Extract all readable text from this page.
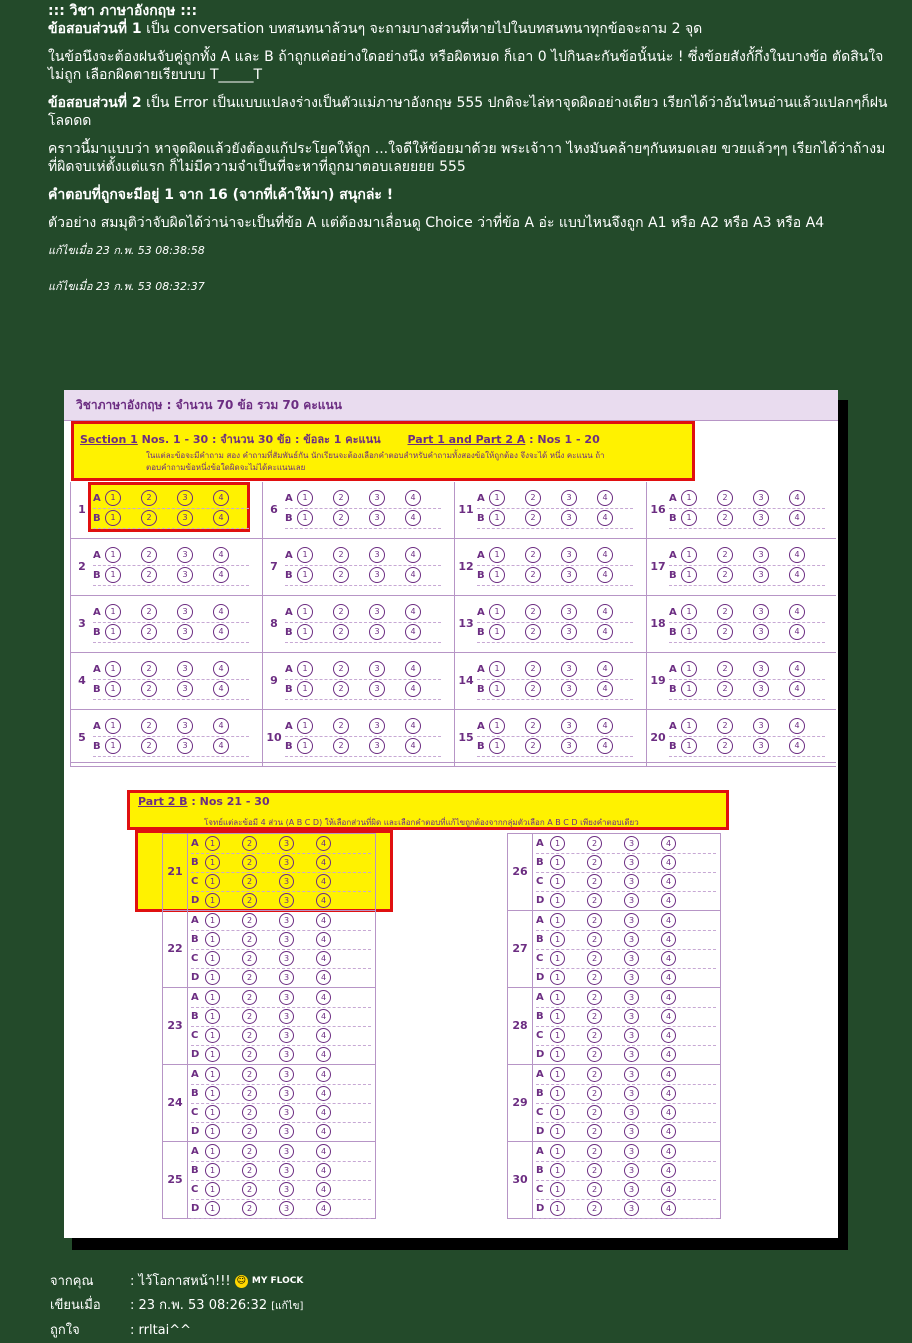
::: วิชา ภาษาอังกฤษ :::

ข้อสอบส่วนที่ 1 เป็น conversation บทสนทนาล้วนๆ จะถามบางส่วนที่หายไปในบทสนทนาทุกข้อจะถาม 2 จุด

ในข้อนึงจะต้องฝนจับคู่ถูกทั้ง A และ B ถ้าถูกแค่อย่างใดอย่างนึง หรือผิดหมด ก็เอา 0 ไปกินละกันข้อนั้นน่ะ ! ซึ่งข้อยสังกั้กึ่งในบางข้อ ตัดสินใจไม่ถูก เลือกผิดตายเรียบบบ T_____T

ข้อสอบส่วนที่ 2 เป็น Error เป็นแบบแปลงร่างเป็นตัวแม่ภาษาอังกฤษ 555 ปกติจะไล่หาจุดผิดอย่างเดียว เรียกได้ว่าอันไหนอ่านแล้วแปลกๆก็ฝนโลดดด

คราวนี้มาแบบว่า หาจุดผิดแล้วยังต้องแก้ประโยคให้ถูก ...ใจดีให้ข้อยมาด้วย พระเจ้าาา ไหงมันคล้ายๆกันหมดเลย ขวยแล้วๆๆ เรียกได้ว่าถ้างมที่ผิดจบเห่ตั้งแต่แรก ก็ไม่มีความจำเป็นที่จะหาที่ถูกมาตอบเลยยยย 555

คำตอบที่ถูกจะมีอยู่ 1 จาก 16 (จากที่เค้าให้มา) สนุกล่ะ !

ตัวอย่าง สมมุติว่าจับผิดได้ว่าน่าจะเป็นที่ข้อ A แต่ต้องมาเลื่อนดู Choice ว่าที่ข้อ A อ่ะ แบบไหนจึงถูก A1 หรือ A2 หรือ A3 หรือ A4

แก้ไขเมื่อ 23 ก.พ. 53 08:38:58

แก้ไขเมื่อ 23 ก.พ. 53 08:32:37

วิชาภาษาอังกฤษ : จำนวน 70 ข้อ รวม 70 คะแนน
Section 1 Nos. 1 - 30 : จำนวน 30 ข้อ : ข้อละ 1 คะแนน Part 1 and Part 2 A : Nos 1 - 20
ในแต่ละข้อจะมีคำถาม สอง คำถามที่สัมพันธ์กัน นักเรียนจะต้องเลือกคำตอบสำหรับคำถามทั้งสองข้อให้ถูกต้อง จึงจะได้ หนึ่ง คะแนน ถ้าตอบคำถามข้อหนึ่งข้อใดผิดจะไม่ได้คะแนนเลย
Part 2 B : Nos 21 - 30
โจทย์แต่ละข้อมี 4 ส่วน (A B C D) ให้เลือกส่วนที่ผิด และเลือกคำตอบที่แก้ไขถูกต้องจากกลุ่มตัวเลือก A B C D เพียงคำตอบเดียว
1
A 1	2	3	4
B 1	2	3	4
2
A 1	2	3	4
B 1	2	3	4
3
A 1	2	3	4
B 1	2	3	4
4
A 1	2	3	4
B 1	2	3	4
5
A 1	2	3	4
B 1	2	3	4
6
A 1	2	3	4
B 1	2	3	4
7
A 1	2	3	4
B 1	2	3	4
8
A 1	2	3	4
B 1	2	3	4
9
A 1	2	3	4
B 1	2	3	4
10
A 1	2	3	4
B 1	2	3	4
11
A 1	2	3	4
B 1	2	3	4
12
A 1	2	3	4
B 1	2	3	4
13
A 1	2	3	4
B 1	2	3	4
14
A 1	2	3	4
B 1	2	3	4
15
A 1	2	3	4
B 1	2	3	4
16
A 1	2	3	4
B 1	2	3	4
17
A 1	2	3	4
B 1	2	3	4
18
A 1	2	3	4
B 1	2	3	4
19
A 1	2	3	4
B 1	2	3	4
20
A 1	2	3	4
B 1	2	3	4
21
A 1	2	3	4
B 1	2	3	4
C 1	2	3	4
D 1	2	3	4
22
A 1	2	3	4
B 1	2	3	4
C 1	2	3	4
D 1	2	3	4
23
A 1	2	3	4
B 1	2	3	4
C 1	2	3	4
D 1	2	3	4
24
A 1	2	3	4
B 1	2	3	4
C 1	2	3	4
D 1	2	3	4
25
A 1	2	3	4
B 1	2	3	4
C 1	2	3	4
D 1	2	3	4
26
A 1	2	3	4
B 1	2	3	4
C 1	2	3	4
D 1	2	3	4
27
A 1	2	3	4
B 1	2	3	4
C 1	2	3	4
D 1	2	3	4
28
A 1	2	3	4
B 1	2	3	4
C 1	2	3	4
D 1	2	3	4
29
A 1	2	3	4
B 1	2	3	4
C 1	2	3	4
D 1	2	3	4
30
A 1	2	3	4
B 1	2	3	4
C 1	2	3	4
D 1	2	3	4
จากคุณ	: ไว้โอกาสหน้า!!! ☺ MY FLOCK
เขียนเมื่อ : 23 ก.พ. 53 08:26:32 [แก้ไข]
ถูกใจ	: rrltai^^
